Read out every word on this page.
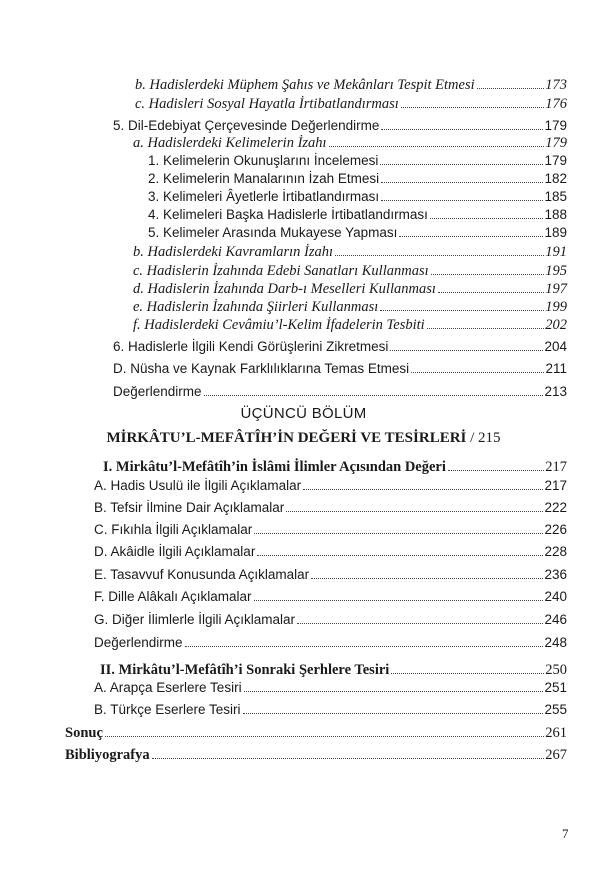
b. Hadislerdeki Müphem Şahıs ve Mekânları Tespit Etmesi	173
c. Hadisleri Sosyal Hayatla İrtibatlandırması	176
5. Dil-Edebiyat Çerçevesinde Değerlendirme	179
a. Hadislerdeki Kelimelerin İzahı	179
1. Kelimelerin Okunuşlarını İncelemesi	179
2. Kelimelerin Manalarının İzah Etmesi	182
3. Kelimeleri Âyetlerle İrtibatlandırması	185
4. Kelimeleri Başka Hadislerle İrtibatlandırması	188
5. Kelimeler Arasında Mukayese Yapması	189
b. Hadislerdeki Kavramların İzahı	191
c. Hadislerin İzahında Edebi Sanatları Kullanması	195
d. Hadislerin İzahında Darb-ı Meselleri Kullanması	197
e. Hadislerin İzahında Şiirleri Kullanması	199
f. Hadislerdeki Cevâmiu’l-Kelim İfadelerin Tesbiti	202
6. Hadislerle İlgili Kendi Görüşlerini Zikretmesi	204
D. Nüsha ve Kaynak Farklılıklarına Temas Etmesi	211
Değerlendirme	213
ÜÇÜNCÜ BÖLÜM
MİRKÂTU’L-MEFÂTÎH’İN DEĞERİ VE TESİRLERİ / 215
I. Mirkâtu’l-Mefâtîh’in İslâmi İlimler Açısından Değeri	217
A. Hadis Usulü ile İlgili Açıklamalar	217
B. Tefsir İlmine Dair Açıklamalar	222
C. Fıkıhla İlgili Açıklamalar	226
D. Akâidle İlgili Açıklamalar	228
E. Tasavvuf Konusunda Açıklamalar	236
F. Dille Alâkalı Açıklamalar	240
G. Diğer İlimlerle İlgili Açıklamalar	246
Değerlendirme	248
II. Mirkâtu’l-Mefâtîh’i Sonraki Şerhlere Tesiri	250
A. Arapça Eserlere Tesiri	251
B. Türkçe Eserlere Tesiri	255
Sonuç	261
Bibliyografya	267
7
